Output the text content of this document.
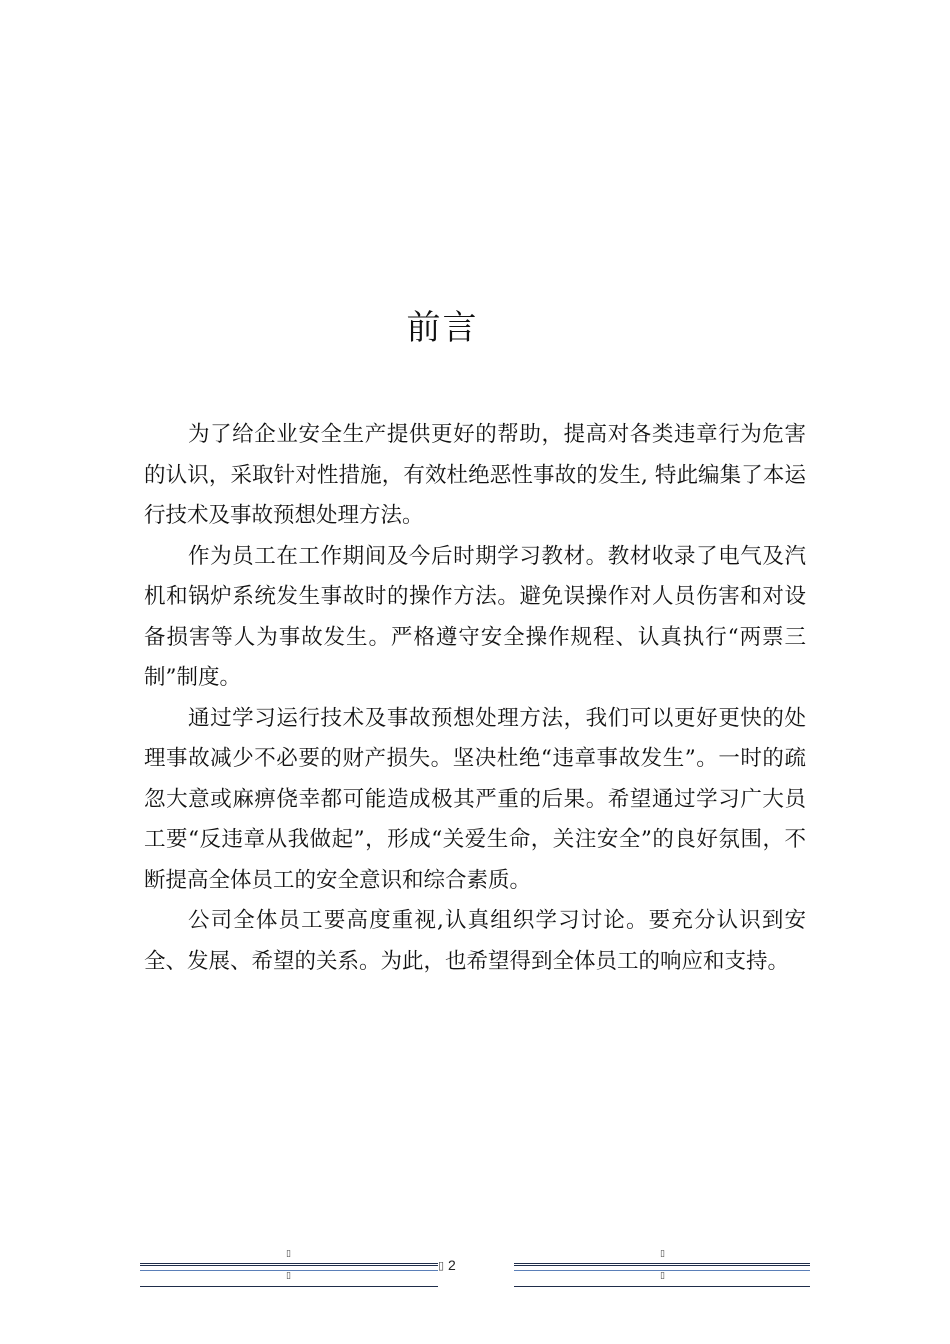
前言

为了给企业安全生产提供更好的帮助，提高对各类违章行为危害的认识，采取针对性措施，有效杜绝恶性事故的发生, 特此编集了本运行技术及事故预想处理方法。

作为员工在工作期间及今后时期学习教材。教材收录了电气及汽机和锅炉系统发生事故时的操作方法。避免误操作对人员伤害和对设备损害等人为事故发生。严格遵守安全操作规程、认真执行“两票三制”制度。

通过学习运行技术及事故预想处理方法，我们可以更好更快的处理事故减少不必要的财产损失。坚决杜绝“违章事故发生”。一时的疏忽大意或麻痹侥幸都可能造成极其严重的后果。希望通过学习广大员工要“反违章从我做起”，形成“关爱生命，关注安全”的良好氛围，不断提高全体员工的安全意识和综合素质。

公司全体员工要高度重视,认真组织学习讨论。要充分认识到安全、发展、希望的关系。为此，也希望得到全体员工的响应和支持。

▯
▯
▯ 2
▯
▯
